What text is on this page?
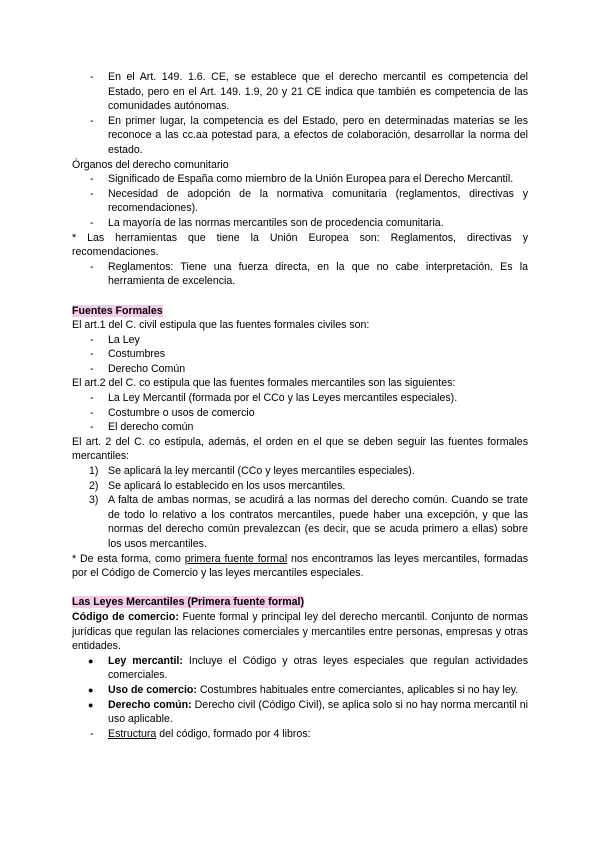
- En el Art. 149. 1.6. CE, se establece que el derecho mercantil es competencia del Estado, pero en el Art. 149. 1.9, 20 y 21 CE indica que también es competencia de las comunidades autónomas.
- En primer lugar, la competencia es del Estado, pero en determinadas materias se les reconoce a las cc.aa potestad para, a efectos de colaboración, desarrollar la norma del estado.

Órganos del derecho comunitario

- Significado de España como miembro de la Unión Europea para el Derecho Mercantil.
- Necesidad de adopción de la normativa comunitaria (reglamentos, directivas y recomendaciones).
- La mayoría de las normas mercantiles son de procedencia comunitaria.

* Las herramientas que tiene la Unión Europea son: Reglamentos, directivas y recomendaciones.

- Reglamentos: Tiene una fuerza directa, en la que no cabe interpretación. Es la herramienta de excelencia.

Fuentes Formales

El art.1 del C. civil estipula que las fuentes formales civiles son:

- La Ley
- Costumbres
- Derecho Común

El art.2 del C. co estipula que las fuentes formales mercantiles son las siguientes:

- La Ley Mercantil (formada por el CCo y las Leyes mercantiles especiales).
- Costumbre o usos de comercio
- El derecho común

El art. 2 del C. co estipula, además, el orden en el que se deben seguir las fuentes formales mercantiles:

1) Se aplicará la ley mercantil (CCo y leyes mercantiles especiales).
2) Se aplicará lo establecido en los usos mercantiles.
3) A falta de ambas normas, se acudirá a las normas del derecho común. Cuando se trate de todo lo relativo a los contratos mercantiles, puede haber una excepción, y que las normas del derecho común prevalezcan (es decir, que se acuda primero a ellas) sobre los usos mercantiles.

* De esta forma, como primera fuente formal nos encontramos las leyes mercantiles, formadas por el Código de Comercio y las leyes mercantiles especiales.

Las Leyes Mercantiles (Primera fuente formal)

Código de comercio: Fuente formal y principal ley del derecho mercantil. Conjunto de normas jurídicas que regulan las relaciones comerciales y mercantiles entre personas, empresas y otras entidades.

● Ley mercantil: Incluye el Código y otras leyes especiales que regulan actividades comerciales.
● Uso de comercio: Costumbres habituales entre comerciantes, aplicables si no hay ley.
● Derecho común: Derecho civil (Código Civil), se aplica solo si no hay norma mercantil ni uso aplicable.
- Estructura del código, formado por 4 libros:
